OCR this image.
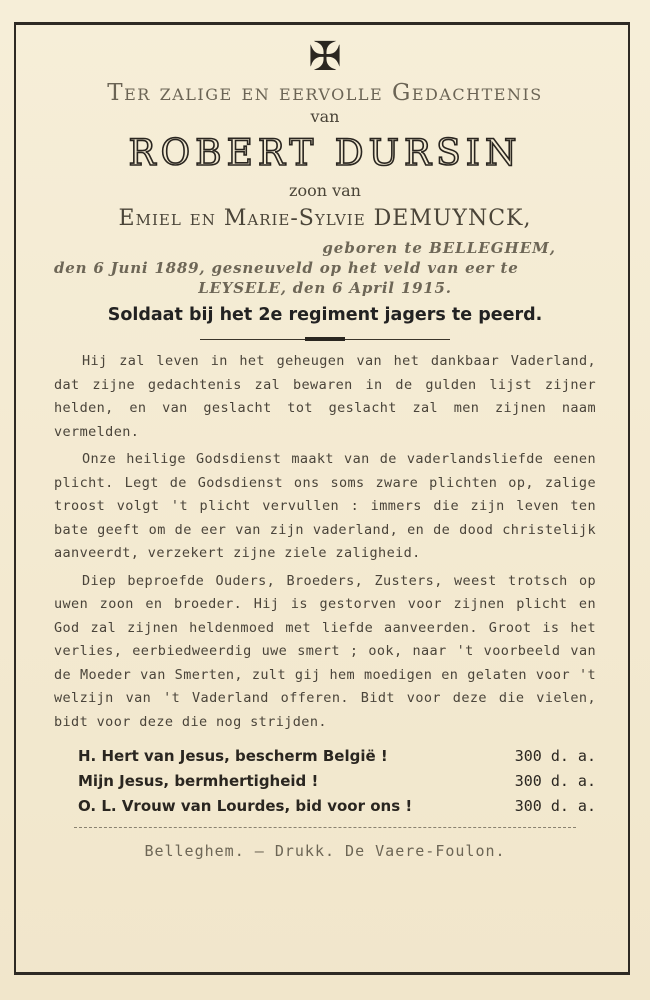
✠
Ter zalige en eervolle Gedachtenis
van
ROBERT DURSIN
zoon van
Emiel en Marie-Sylvie DEMUYNCK,
geboren te BELLEGHEM,
den 6 Juni 1889, gesneuveld op het veld van eer te
LEYSELE, den 6 April 1915.
Soldaat bij het 2e regiment jagers te peerd.
Hij zal leven in het geheugen van het dankbaar Vaderland, dat zijne gedachtenis zal bewaren in de gulden lijst zijner helden, en van geslacht tot geslacht zal men zijnen naam vermelden.
Onze heilige Godsdienst maakt van de vaderlandsliefde eenen plicht. Legt de Godsdienst ons soms zware plichten op, zalige troost volgt 't plicht vervullen : immers die zijn leven ten bate geeft om de eer van zijn vaderland, en de dood christelijk aanveerdt, verzekert zijne ziele zaligheid.
Diep beproefde Ouders, Broeders, Zusters, weest trotsch op uwen zoon en broeder. Hij is gestorven voor zijnen plicht en God zal zijnen heldenmoed met liefde aanveerden. Groot is het verlies, eerbiedweerdig uwe smert ; ook, naar 't voorbeeld van de Moeder van Smerten, zult gij hem moedigen en gelaten voor 't welzijn van 't Vaderland offeren. Bidt voor deze die vielen, bidt voor deze die nog strijden.
H. Hert van Jesus, bescherm België !	300 d. a.
Mijn Jesus, bermhertigheid !	300 d. a.
O. L. Vrouw van Lourdes, bid voor ons !	300 d. a.
Belleghem. — Drukk. De Vaere-Foulon.
